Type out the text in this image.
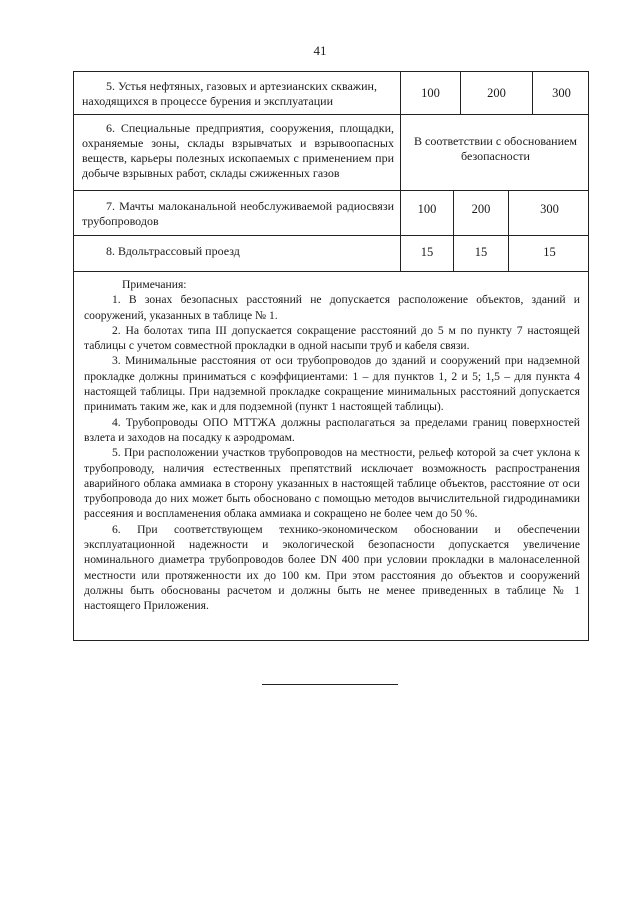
41
5. Устья нефтяных, газовых и артезианских скважин, находящихся в процессе бурения и эксплуатации
100	200	300
6. Специальные предприятия, сооружения, площадки, охраняемые зоны, склады взрывчатых и взрывоопасных веществ, карьеры полезных ископаемых с применением при добыче взрывных работ, склады сжиженных газов
В соответствии с обоснованием безопасности
7. Мачты малоканальной необслуживаемой радиосвязи трубопроводов
100	200	300
8. Вдольтрассовый проезд	15	15	15

Примечания:

1. В зонах безопасных расстояний не допускается расположение объектов, зданий и сооружений, указанных в таблице № 1.

2. На болотах типа III допускается сокращение расстояний до 5 м по пункту 7 настоящей таблицы с учетом совместной прокладки в одной насыпи труб и кабеля связи.

3. Минимальные расстояния от оси трубопроводов до зданий и сооружений при надземной прокладке должны приниматься с коэффициентами: 1 – для пунктов 1, 2 и 5; 1,5 – для пункта 4 настоящей таблицы. При надземной прокладке сокращение минимальных расстояний допускается принимать таким же, как и для подземной (пункт 1 настоящей таблицы).

4. Трубопроводы ОПО МТТЖА должны располагаться за пределами границ поверхностей взлета и заходов на посадку к аэродромам.

5. При расположении участков трубопроводов на местности, рельеф которой за счет уклона к трубопроводу, наличия естественных препятствий исключает возможность распространения аварийного облака аммиака в сторону указанных в настоящей таблице объектов, расстояние от оси трубопровода до них может быть обосновано с помощью методов вычислительной гидродинамики рассеяния и воспламенения облака аммиака и сокращено не более чем до 50 %.

6. При соответствующем технико-экономическом обосновании и обеспечении эксплуатационной надежности и экологической безопасности допускается увеличение номинального диаметра трубопроводов более DN 400 при условии прокладки в малонаселенной местности или протяженности их до 100 км. При этом расстояния до объектов и сооружений должны быть обоснованы расчетом и должны быть не менее приведенных в таблице № 1 настоящего Приложения.
